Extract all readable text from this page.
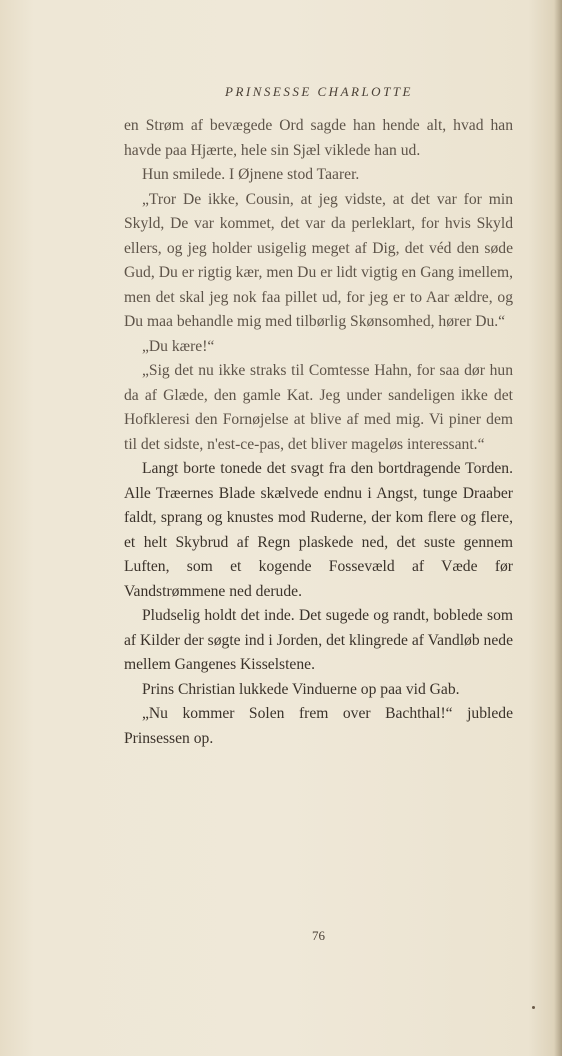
PRINSESSE CHARLOTTE

en Strøm af bevægede Ord sagde han hende alt, hvad han havde paa Hjærte, hele sin Sjæl viklede han ud.

Hun smilede. I Øjnene stod Taarer.

„Tror De ikke, Cousin, at jeg vidste, at det var for min Skyld, De var kommet, det var da perleklart, for hvis Skyld ellers, og jeg holder usigelig meget af Dig, det véd den søde Gud, Du er rigtig kær, men Du er lidt vigtig en Gang imellem, men det skal jeg nok faa pillet ud, for jeg er to Aar ældre, og Du maa behandle mig med tilbørlig Skønsomhed, hører Du.“

„Du kære!“

„Sig det nu ikke straks til Comtesse Hahn, for saa dør hun da af Glæde, den gamle Kat. Jeg under sandeligen ikke det Hofkleresi den Fornøjelse at blive af med mig. Vi piner dem til det sidste, n'est-ce-pas, det bliver mageløs interessant.“

Langt borte tonede det svagt fra den bortdragende Torden. Alle Træernes Blade skælvede endnu i Angst, tunge Draaber faldt, sprang og knustes mod Ruderne, der kom flere og flere, et helt Skybrud af Regn plaskede ned, det suste gennem Luften, som et kogende Fossevæld af Væde før Vandstrømmene ned derude.

Pludselig holdt det inde. Det sugede og randt, boblede som af Kilder der søgte ind i Jorden, det klingrede af Vandløb nede mellem Gangenes Kisselstene.

Prins Christian lukkede Vinduerne op paa vid Gab.

„Nu kommer Solen frem over Bachthal!“ jublede Prinsessen op.

76
